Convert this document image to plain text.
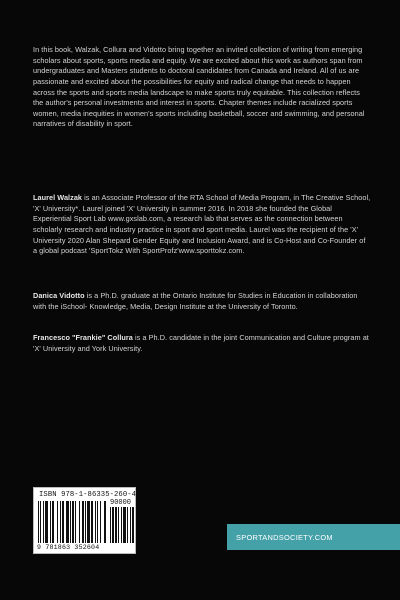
In this book, Walzak, Collura and Vidotto bring together an invited collection of writing from emerging scholars about sports, sports media and equity. We are excited about this work as authors span from undergraduates and Masters students to doctoral candidates from Canada and Ireland. All of us are passionate and excited about the possibilities for equity and radical change that needs to happen across the sports and sports media landscape to make sports truly equitable. This collection reflects the author's personal investments and interest in sports. Chapter themes include racialized sports women, media inequities in women's sports including basketball, soccer and swimming, and personal narratives of disability in sport.

Laurel Walzak is an Associate Professor of the RTA School of Media Program, in The Creative School, 'X' University*. Laurel joined 'X' University in summer 2016. In 2018 she founded the Global Experiential Sport Lab www.gxslab.com, a research lab that serves as the connection between scholarly research and industry practice in sport and sport media. Laurel was the recipient of the 'X' University 2020 Alan Shepard Gender Equity and Inclusion Award, and is Co-Host and Co-Founder of a global podcast 'SportTokz With SportProfz'www.sporttokz.com.

Danica Vidotto is a Ph.D. graduate at the Ontario Institute for Studies in Education in collaboration with the iSchool- Knowledge, Media, Design Institute at the University of Toronto.

Francesco "Frankie" Collura is a Ph.D. candidate in the joint Communication and Culture program at 'X' University and York University.

ISBN 978-1-86335-260-4
90000
9 781863 352604
SPORTANDSOCIETY.COM
